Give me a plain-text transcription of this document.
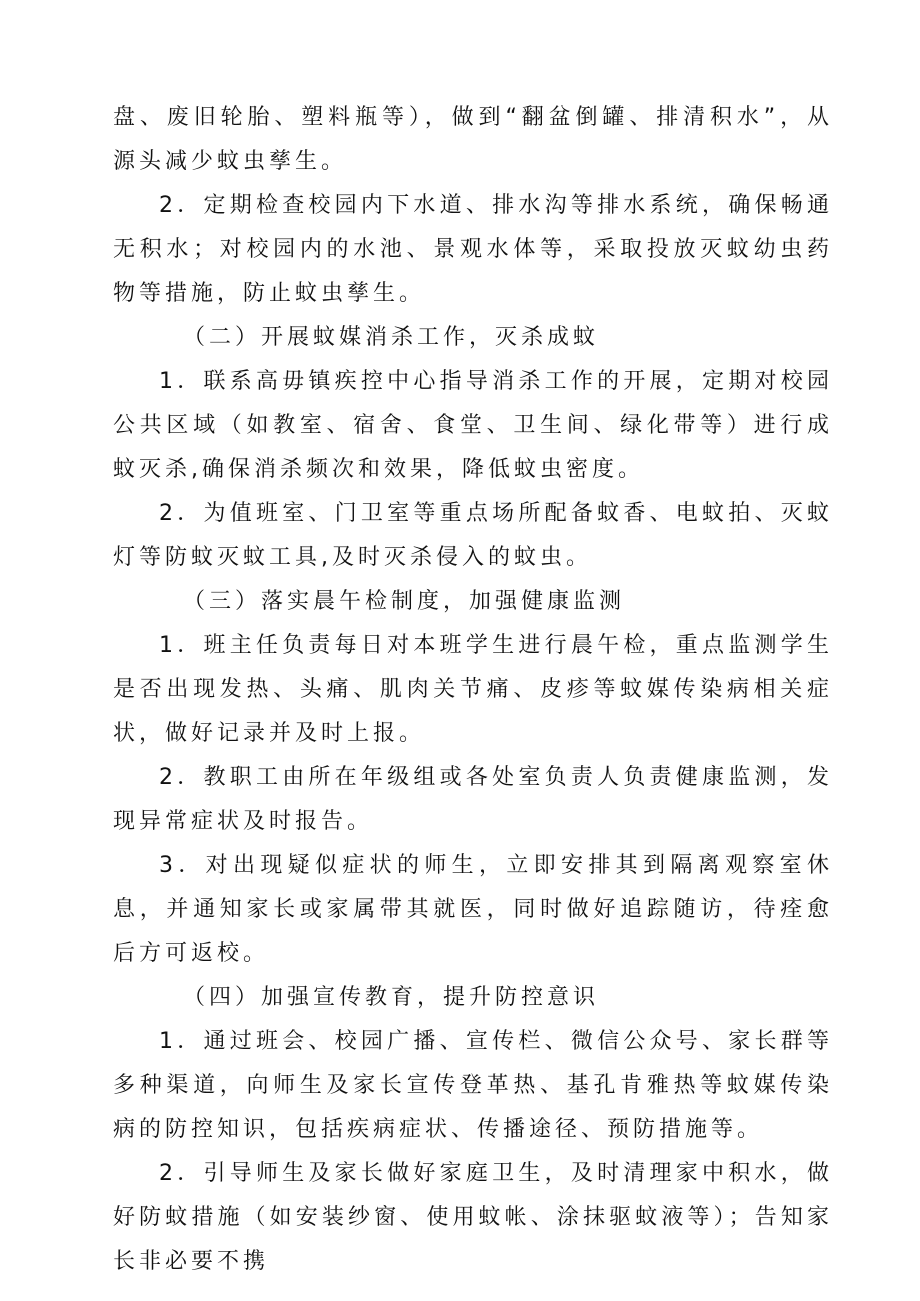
盘、废旧轮胎、塑料瓶等），做到“翻盆倒罐、排清积水”，从源头减少蚊虫孳生。

2．定期检查校园内下水道、排水沟等排水系统，确保畅通无积水；对校园内的水池、景观水体等，采取投放灭蚊幼虫药物等措施，防止蚊虫孳生。

（二）开展蚊媒消杀工作，灭杀成蚊

1．联系高毋镇疾控中心指导消杀工作的开展，定期对校园公共区域（如教室、宿舍、食堂、卫生间、绿化带等）进行成蚊灭杀,确保消杀频次和效果，降低蚊虫密度。

2．为值班室、门卫室等重点场所配备蚊香、电蚊拍、灭蚊灯等防蚊灭蚊工具,及时灭杀侵入的蚊虫。

（三）落实晨午检制度，加强健康监测

1．班主任负责每日对本班学生进行晨午检，重点监测学生是否出现发热、头痛、肌肉关节痛、皮疹等蚊媒传染病相关症状，做好记录并及时上报。

2．教职工由所在年级组或各处室负责人负责健康监测，发现异常症状及时报告。

3．对出现疑似症状的师生，立即安排其到隔离观察室休息，并通知家长或家属带其就医，同时做好追踪随访，待痊愈后方可返校。

（四）加强宣传教育，提升防控意识

1．通过班会、校园广播、宣传栏、微信公众号、家长群等多种渠道，向师生及家长宣传登革热、基孔肯雅热等蚊媒传染病的防控知识，包括疾病症状、传播途径、预防措施等。

2．引导师生及家长做好家庭卫生，及时清理家中积水，做好防蚊措施（如安装纱窗、使用蚊帐、涂抹驱蚊液等）；告知家长非必要不携
